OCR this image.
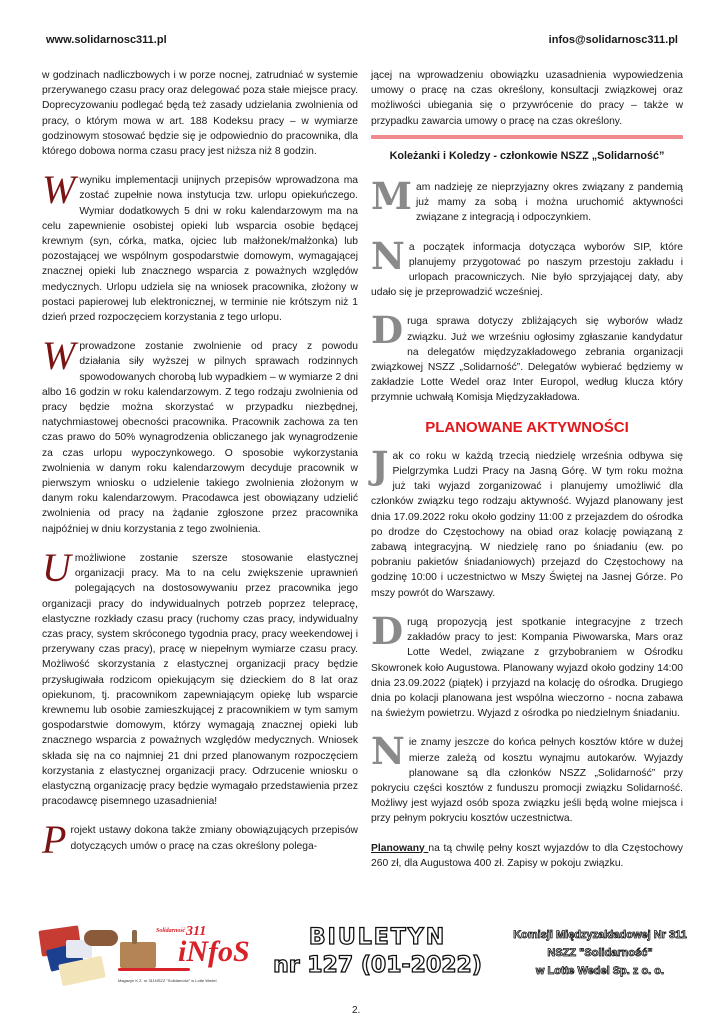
www.solidarnosc311.pl	infos@solidarnosc311.pl

w godzinach nadliczbowych i w porze nocnej, zatrudniać w systemie przerywanego czasu pracy oraz delegować poza stałe miejsce pracy. Doprecyzowaniu podlegać będą też zasady udzielania zwolnienia od pracy, o którym mowa w art. 188 Kodeksu pracy – w wymiarze godzinowym stosować będzie się je odpowiednio do pracownika, dla którego dobowa norma czasu pracy jest niższa niż 8 godzin.

Wwyniku implementacji unijnych przepisów wprowadzona ma zostać zupełnie nowa instytucja tzw. urlopu opiekuńczego. Wymiar dodatkowych 5 dni w roku kalendarzowym ma na celu zapewnienie osobistej opieki lub wsparcia osobie będącej krewnym (syn, córka, matka, ojciec lub małżonek/małżonka) lub pozostającej we wspólnym gospodarstwie domowym, wymagającej znacznej opieki lub znacznego wsparcia z poważnych względów medycznych. Urlopu udziela się na wniosek pracownika, złożony w postaci papierowej lub elektronicznej, w terminie nie krótszym niż 1 dzień przed rozpoczęciem korzystania z tego urlopu.

Wprowadzone zostanie zwolnienie od pracy z powodu działania siły wyższej w pilnych sprawach rodzinnych spowodowanych chorobą lub wypadkiem – w wymiarze 2 dni albo 16 godzin w roku kalendarzowym. Z tego rodzaju zwolnienia od pracy będzie można skorzystać w przypadku niezbędnej, natychmiastowej obecności pracownika. Pracownik zachowa za ten czas prawo do 50% wynagrodzenia obliczanego jak wynagrodzenie za czas urlopu wypoczynkowego. O sposobie wykorzystania zwolnienia w danym roku kalendarzowym decyduje pracownik w pierwszym wniosku o udzielenie takiego zwolnienia złożonym w danym roku kalendarzowym. Pracodawca jest obowiązany udzielić zwolnienia od pracy na żądanie zgłoszone przez pracownika najpóźniej w dniu korzystania z tego zwolnienia.

Umożliwione zostanie szersze stosowanie elastycznej organizacji pracy. Ma to na celu zwiększenie uprawnień polegających na dostosowywaniu przez pracownika jego organizacji pracy do indywidualnych potrzeb poprzez telepracę, elastyczne rozkłady czasu pracy (ruchomy czas pracy, indywidualny czas pracy, system skróconego tygodnia pracy, pracy weekendowej i przerywany czas pracy), pracę w niepełnym wymiarze czasu pracy. Możliwość skorzystania z elastycznej organizacji pracy będzie przysługiwała rodzicom opiekującym się dzieckiem do 8 lat oraz opiekunom, tj. pracownikom zapewniającym opiekę lub wsparcie krewnemu lub osobie zamieszkującej z pracownikiem w tym samym gospodarstwie domowym, którzy wymagają znacznej opieki lub znacznego wsparcia z poważnych względów medycznych. Wniosek składa się na co najmniej 21 dni przed planowanym rozpoczęciem korzystania z elastycznej organizacji pracy. Odrzucenie wniosku o elastyczną organizację pracy będzie wymagało przedstawienia przez pracodawcę pisemnego uzasadnienia!

Projekt ustawy dokona także zmiany obowiązujących przepisów dotyczących umów o pracę na czas określony polega-

jącej na wprowadzeniu obowiązku uzasadnienia wypowiedzenia umowy o pracę na czas określony, konsultacji związkowej oraz możliwości ubiegania się o przywrócenie do pracy – także w przypadku zawarcia umowy o pracę na czas określony.

Koleżanki i Koledzy - członkowie NSZZ „Solidarność”

Mam nadzieję ze nieprzyjazny okres związany z pandemią już mamy za sobą i można uruchomić aktywności związane z integracją i odpoczynkiem.

Na początek informacja dotycząca wyborów SIP, które planujemy przygotować po naszym przestoju zakładu i urlopach pracowniczych. Nie było sprzyjającej daty, aby udało się je przeprowadzić wcześniej.

Druga sprawa dotyczy zbliżających się wyborów władz związku. Już we wrześniu ogłosimy zgłaszanie kandydatur na delegatów międzyzakładowego zebrania organizacji związkowej NSZZ „Solidarność”. Delegatów wybierać będziemy w zakładzie Lotte Wedel oraz Inter Europol, według klucza który przymnie uchwałą Komisja Międzyzakładowa.

PLANOWANE AKTYWNOŚCI

Jak co roku w każdą trzecią niedzielę września odbywa się Pielgrzymka Ludzi Pracy na Jasną Górę. W tym roku można już taki wyjazd zorganizować i planujemy umożliwić dla członków związku tego rodzaju aktywność. Wyjazd planowany jest dnia 17.09.2022 roku około godziny 11:00 z przejazdem do ośrodka po drodze do Częstochowy na obiad oraz kolację powiązaną z zabawą integracyjną. W niedzielę rano po śniadaniu (ew. po pobraniu pakietów śniadaniowych) przejazd do Częstochowy na godzinę 10:00 i uczestnictwo w Mszy Świętej na Jasnej Górze. Po mszy powrót do Warszawy.

Drugą propozycją jest spotkanie integracyjne z trzech zakładów pracy to jest: Kompania Piwowarska, Mars oraz Lotte Wedel, związane z grzybobraniem w Ośrodku Skowronek koło Augustowa. Planowany wyjazd około godziny 14:00 dnia 23.09.2022 (piątek) i przyjazd na kolację do ośrodka. Drugiego dnia po kolacji planowana jest wspólna wieczorno - nocna zabawa na świeżym powietrzu. Wyjazd z ośrodka po niedzielnym śniadaniu.

Nie znamy jeszcze do końca pełnych kosztów które w dużej mierze zależą od kosztu wynajmu autokarów. Wyjazdy planowane są dla członków NSZZ „Solidarność” przy pokryciu części kosztów z funduszu promocji związku Solidarność. Możliwy jest wyjazd osób spoza związku jeśli będą wolne miejsca i przy pełnym pokryciu kosztów uczestnictwa.

Planowany na tą chwilę pełny koszt wyjazdów to dla Częstochowy 260 zł, dla Augustowa 400 zł. Zapisy w pokoju związku.

Solidarność 311
iNfoS
Magazyn K.Z. nr 311NSZZ "Solidarność" w Lotte Wedel
BIULETYN
nr 127 (01-2022)
Komisji Międzyzakładowej Nr 311
NSZZ "Solidarność"
w Lotte Wedel Sp. z o. o.
2.
